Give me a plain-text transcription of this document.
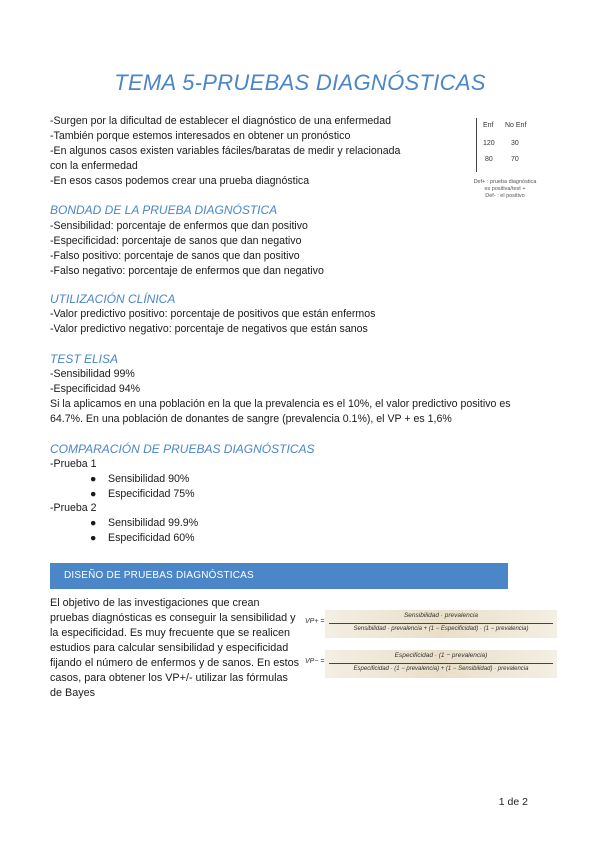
TEMA 5-PRUEBAS DIAGNÓSTICAS
-Surgen por la dificultad de establecer el diagnóstico de una enfermedad
-También porque estemos interesados en obtener un pronóstico
-En algunos casos existen variables fáciles/baratas de medir y relacionada
con la enfermedad
-En esos casos podemos crear una prueba diagnóstica
Enf No Enf
120 30
80	70
Def+ : prueba diagnóstica
es positiva/test +
Def- : el positivo
BONDAD DE LA PRUEBA DIAGNÓSTICA
-Sensibilidad: porcentaje de enfermos que dan positivo
-Especificidad: porcentaje de sanos que dan negativo
-Falso positivo: porcentaje de sanos que dan positivo
-Falso negativo: porcentaje de enfermos que dan negativo
UTILIZACIÓN CLÍNICA
-Valor predictivo positivo: porcentaje de positivos que están enfermos
-Valor predictivo negativo: porcentaje de negativos que están sanos
TEST ELISA
-Sensibilidad 99%
-Especificidad 94%
Si la aplicamos en una población en la que la prevalencia es el 10%, el valor predictivo positivo es
64.7%. En una población de donantes de sangre (prevalencia 0.1%), el VP + es 1,6%
COMPARACIÓN DE PRUEBAS DIAGNÓSTICAS
-Prueba 1
● Sensibilidad 90%
● Especificidad 75%
-Prueba 2
● Sensibilidad 99.9%
● Especificidad 60%
DISEÑO DE PRUEBAS DIAGNÓSTICAS
El objetivo de las investigaciones que crean pruebas diagnósticas es conseguir la sensibilidad y la especificidad. Es muy frecuente que se realicen estudios para calcular sensibilidad y especificidad fijando el número de enfermos y de sanos. En estos casos, para obtener los VP+/- utilizar las fórmulas de Bayes
VP+ =
Sensibilidad · prevalencia
Sensibilidad · prevalencia + (1 − Especificidad) · (1 − prevalencia)
VP− =
Especificidad · (1 − prevalencia)
Especificidad · (1 − prevalencia) + (1 − Sensibilidad) · prevalencia
1 de 2
